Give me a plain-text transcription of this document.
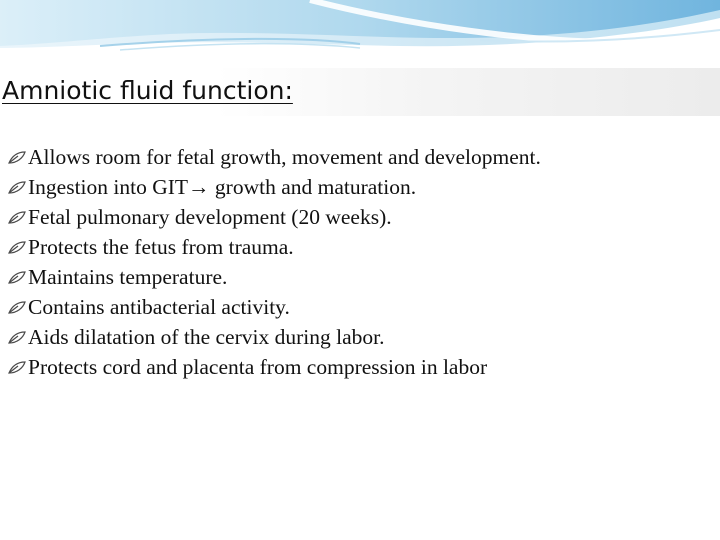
Amniotic fluid function:
Allows room for fetal growth, movement and development.
Ingestion into GIT→ growth and maturation.
Fetal pulmonary development (20 weeks).
Protects the fetus from trauma.
Maintains temperature.
Contains antibacterial activity.
Aids dilatation of the cervix during labor.
Protects cord and placenta from compression in labor
